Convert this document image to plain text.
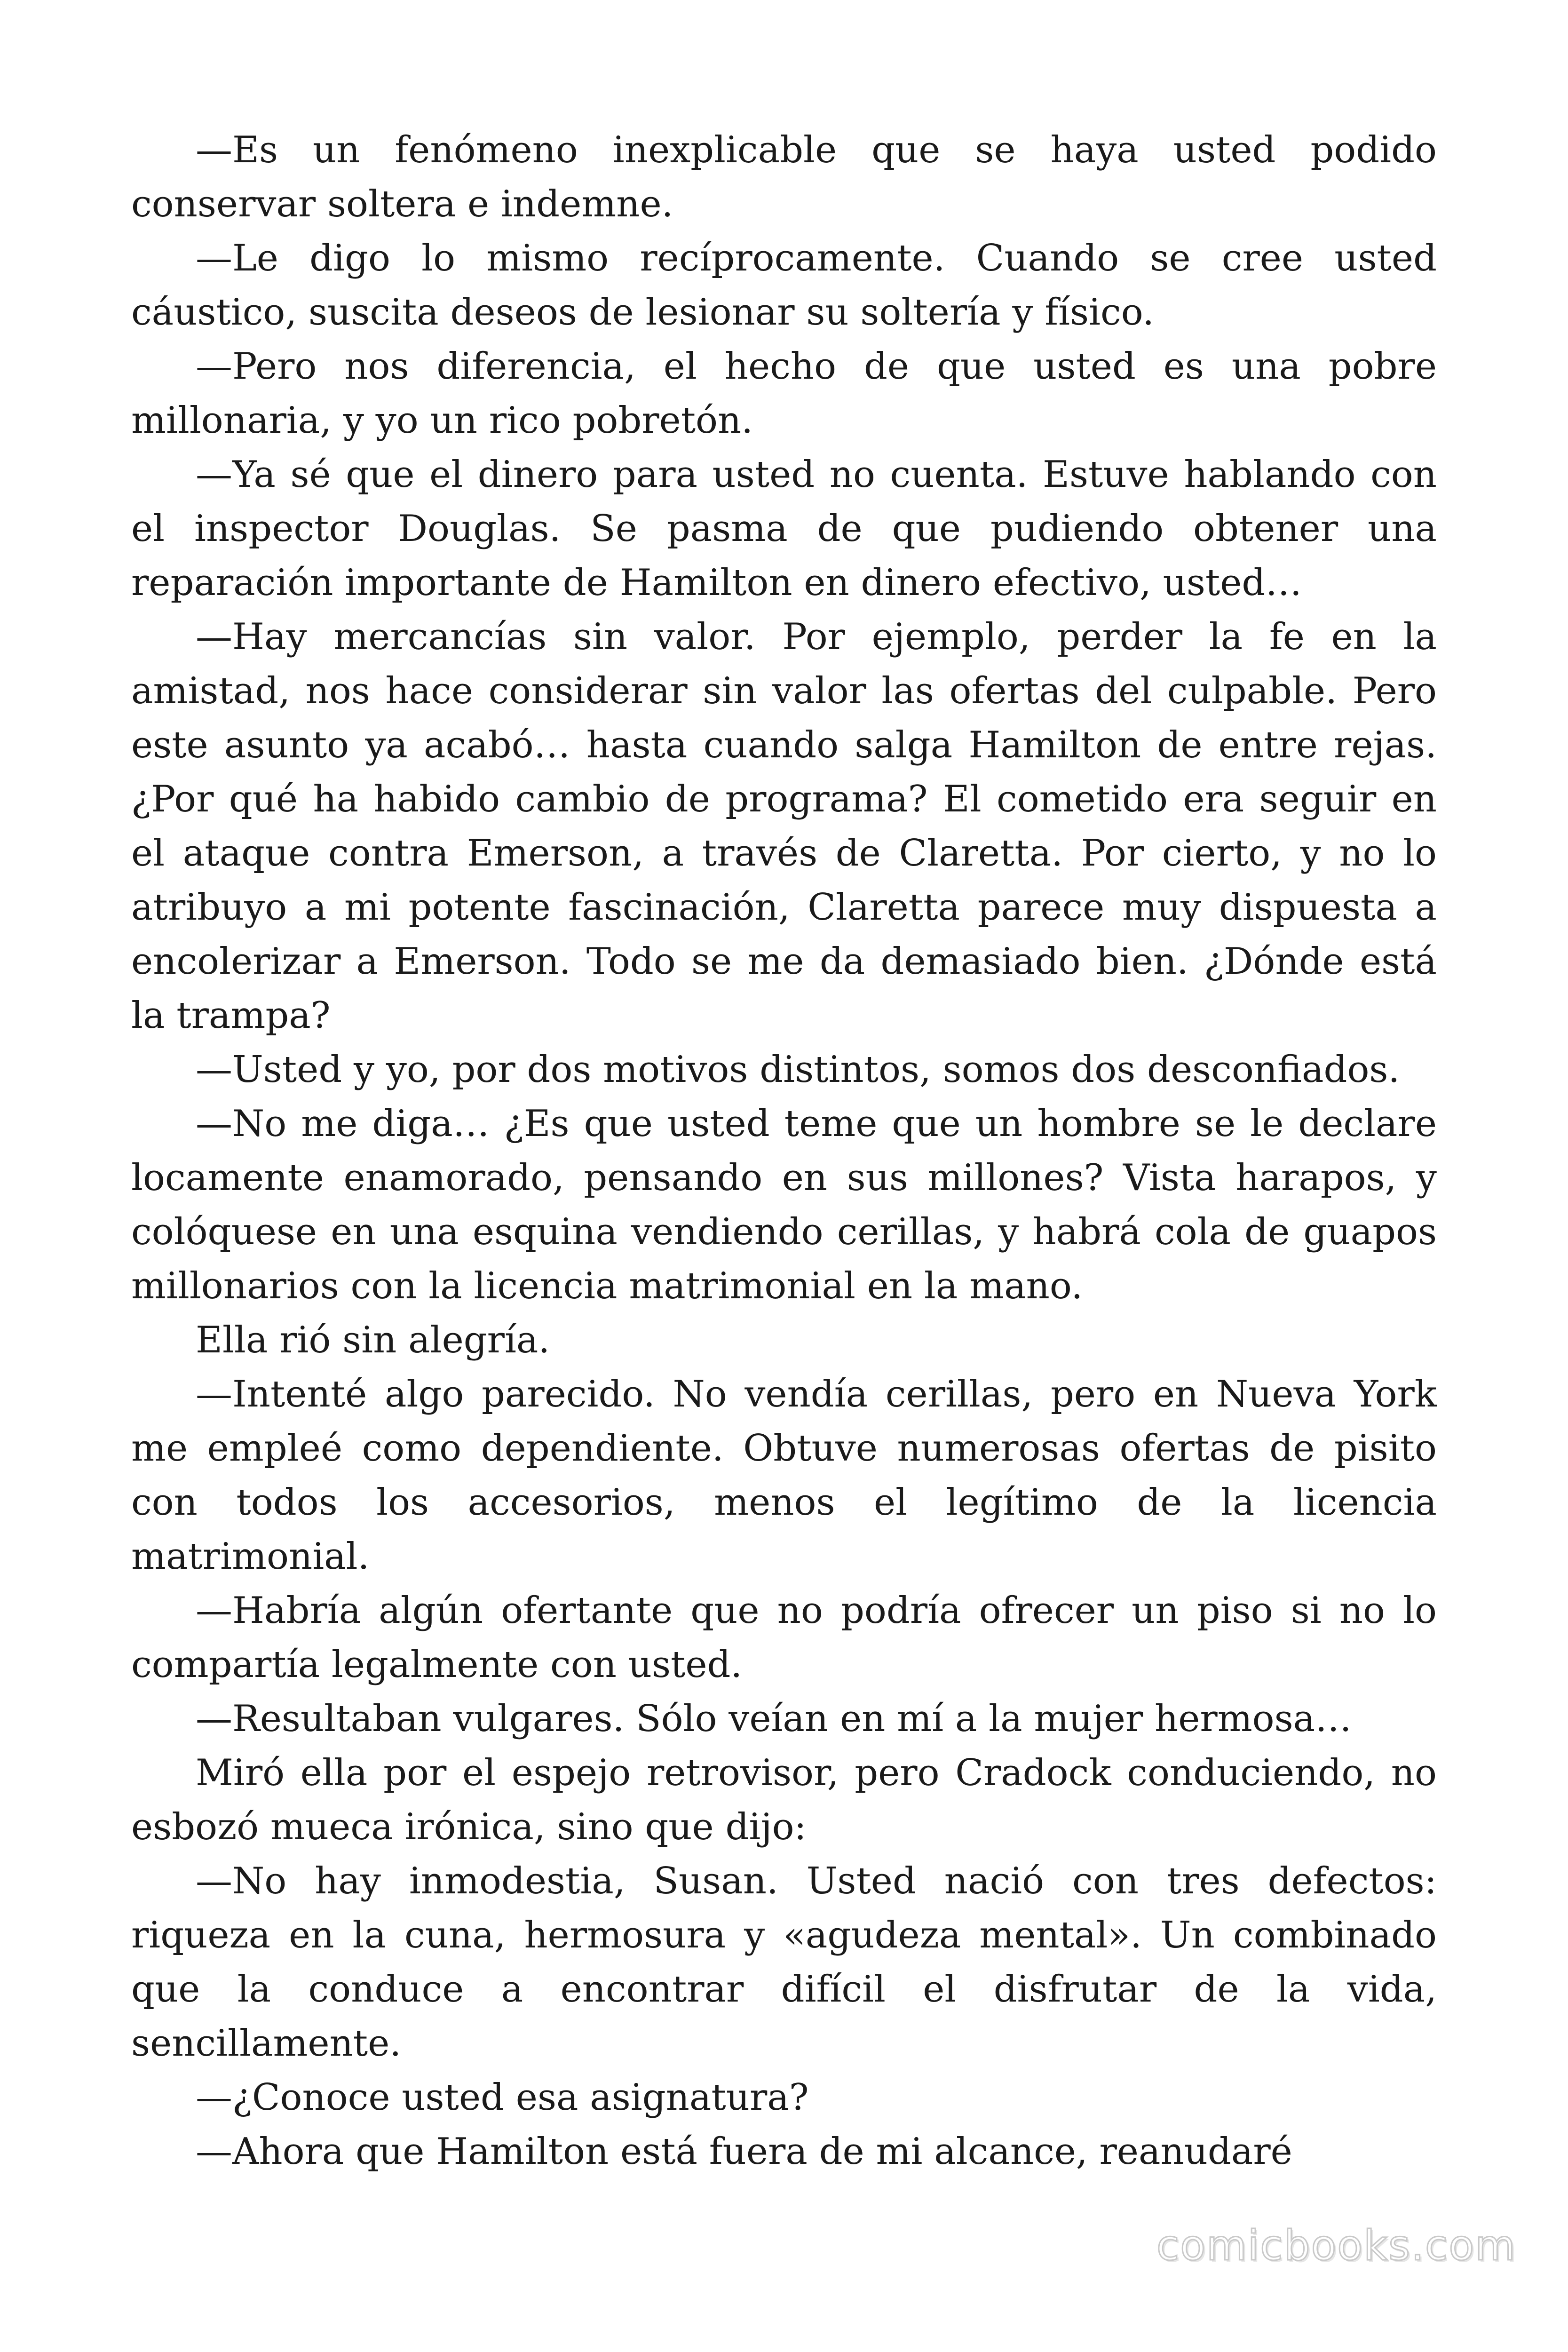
—Es un fenómeno inexplicable que se haya usted podido conservar soltera e indemne.

—Le digo lo mismo recíprocamente. Cuando se cree usted cáustico, suscita deseos de lesionar su soltería y físico.

—Pero nos diferencia, el hecho de que usted es una pobre millonaria, y yo un rico pobretón.

—Ya sé que el dinero para usted no cuenta. Estuve hablando con el inspector Douglas. Se pasma de que pudiendo obtener una reparación importante de Hamilton en dinero efectivo, usted…

—Hay mercancías sin valor. Por ejemplo, perder la fe en la amistad, nos hace considerar sin valor las ofertas del culpable. Pero este asunto ya acabó… hasta cuando salga Hamilton de entre rejas. ¿Por qué ha habido cambio de programa? El cometido era seguir en el ataque contra Emerson, a través de Claretta. Por cierto, y no lo atribuyo a mi potente fascinación, Claretta parece muy dispuesta a encolerizar a Emerson. Todo se me da demasiado bien. ¿Dónde está la trampa?

—Usted y yo, por dos motivos distintos, somos dos desconfiados.

—No me diga… ¿Es que usted teme que un hombre se le declare locamente enamorado, pensando en sus millones? Vista harapos, y colóquese en una esquina vendiendo cerillas, y habrá cola de guapos millonarios con la licencia matrimonial en la mano.

Ella rió sin alegría.

—Intenté algo parecido. No vendía cerillas, pero en Nueva York me empleé como dependiente. Obtuve numerosas ofertas de pisito con todos los accesorios, menos el legítimo de la licencia matrimonial.

—Habría algún ofertante que no podría ofrecer un piso si no lo compartía legalmente con usted.

—Resultaban vulgares. Sólo veían en mí a la mujer hermosa…

Miró ella por el espejo retrovisor, pero Cradock conduciendo, no esbozó mueca irónica, sino que dijo:

—No hay inmodestia, Susan. Usted nació con tres defectos: riqueza en la cuna, hermosura y «agudeza mental». Un combinado que la conduce a encontrar difícil el disfrutar de la vida, sencillamente.

—¿Conoce usted esa asignatura?

—Ahora que Hamilton está fuera de mi alcance, reanudaré

comicbooks.com
